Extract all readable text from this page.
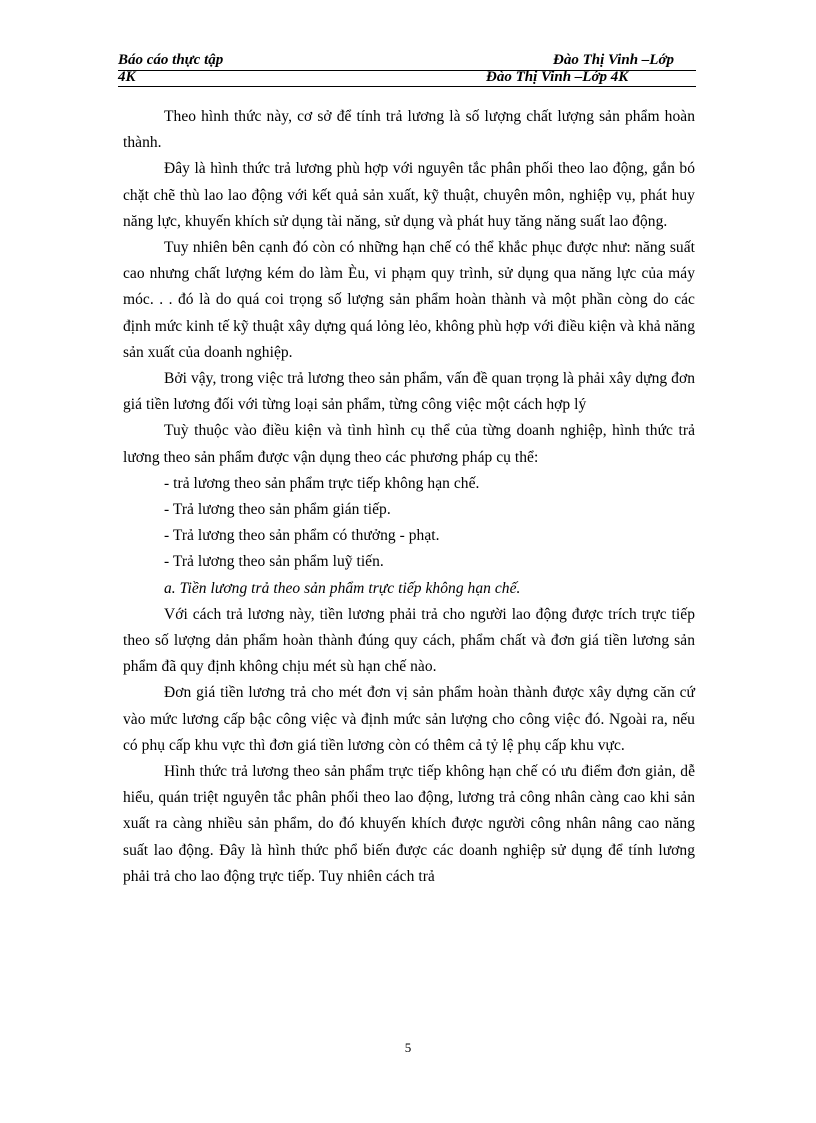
Báo cáo thực tập	Đào Thị Vinh –Lớp
4K	Đào Thị Vinh –Lớp 4K

Theo hình thức này, cơ sở để tính trả lương là số lượng chất lượng sản phẩm hoàn thành.

Đây là hình thức trả lương phù hợp với nguyên tắc phân phối theo lao động, gắn bó chặt chẽ thù lao lao động với kết quả sản xuất, kỹ thuật, chuyên môn, nghiệp vụ, phát huy năng lực, khuyến khích sử dụng tài năng, sử dụng và phát huy tăng năng suất lao động.

Tuy nhiên bên cạnh đó còn có những hạn chế có thể khắc phục được như: năng suất cao nhưng chất lượng kém do làm Èu, vi phạm quy trình, sử dụng qua năng lực của máy móc. . . đó là do quá coi trọng số lượng sản phẩm hoàn thành và một phần còng do các định mức kinh tế kỹ thuật xây dựng quá lỏng lẻo, không phù hợp với điều kiện và khả năng sản xuất của doanh nghiệp.

Bởi vậy, trong việc trả lương theo sản phẩm, vấn đề quan trọng là phải xây dựng đơn giá tiền lương đối với từng loại sản phẩm, từng công việc một cách hợp lý

Tuỳ thuộc vào điều kiện và tình hình cụ thể của từng doanh nghiệp, hình thức trả lương theo sản phẩm được vận dụng theo các phương pháp cụ thể:

- trả lương theo sản phẩm trực tiếp không hạn chế.

- Trả lương theo sản phẩm gián tiếp.

- Trả lương theo sản phẩm có thưởng - phạt.

- Trả lương theo sản phẩm luỹ tiến.

a. Tiền lương trả theo sản phẩm trực tiếp không hạn chế.

Với cách trả lương này, tiền lương phải trả cho người lao động được trích trực tiếp theo số lượng dản phẩm hoàn thành đúng quy cách, phẩm chất và đơn giá tiền lương sản phẩm đã quy định không chịu mét sù hạn chế nào.

Đơn giá tiền lương trả cho mét đơn vị sản phẩm hoàn thành được xây dựng căn cứ vào mức lương cấp bậc công việc và định mức sản lượng cho công việc đó. Ngoài ra, nếu có phụ cấp khu vực thì đơn giá tiền lương còn có thêm cả tỷ lệ phụ cấp khu vực.

Hình thức trả lương theo sản phẩm trực tiếp không hạn chế có ưu điểm đơn giản, dễ hiểu, quán triệt nguyên tắc phân phối theo lao động, lương trả công nhân càng cao khi sản xuất ra càng nhiều sản phẩm, do đó khuyến khích được người công nhân nâng cao năng suất lao động. Đây là hình thức phổ biến được các doanh nghiệp sử dụng để tính lương phải trả cho lao động trực tiếp. Tuy nhiên cách trả

5
